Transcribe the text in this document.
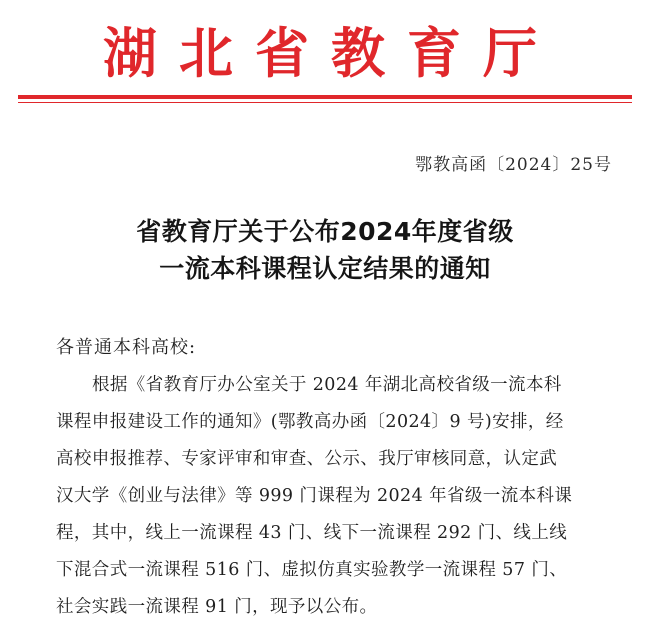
湖北省教育厅
鄂教高函〔2024〕25号
省教育厅关于公布2024年度省级
一流本科课程认定结果的通知
各普通本科高校:
根据《省教育厅办公室关于 2024 年湖北高校省级一流本科
课程申报建设工作的通知》(鄂教高办函〔2024〕9 号)安排，经
高校申报推荐、专家评审和审查、公示、我厅审核同意，认定武
汉大学《创业与法律》等 999 门课程为 2024 年省级一流本科课
程，其中，线上一流课程 43 门、线下一流课程 292 门、线上线
下混合式一流课程 516 门、虚拟仿真实验教学一流课程 57 门、
社会实践一流课程 91 门，现予以公布。
